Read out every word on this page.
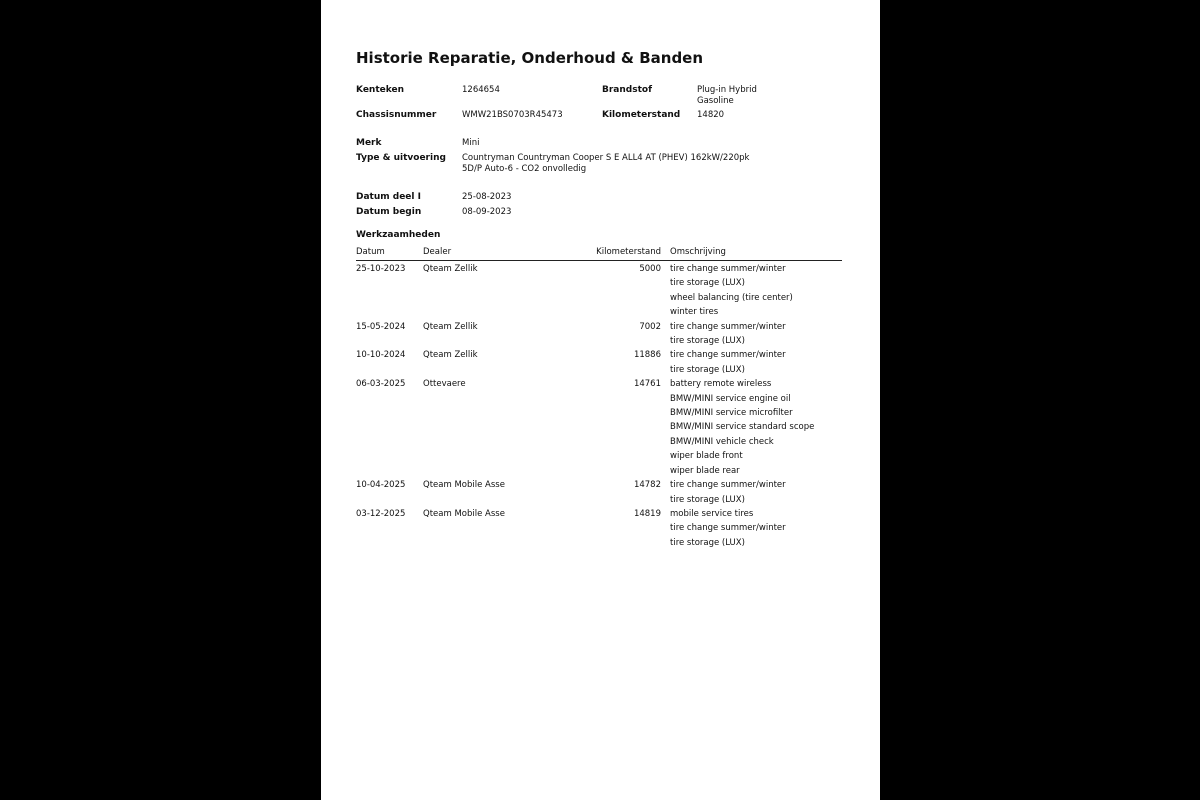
Historie Reparatie, Onderhoud & Banden
Kenteken	1264654	Brandstof	Plug-in Hybrid
Gasoline
Chassisnummer	WMW21BS0703R45473	Kilometerstand 14820
Merk	Mini
Type & uitvoering Countryman Countryman Cooper S E ALL4 AT (PHEV) 162kW/220pk
5D/P Auto-6 - CO2 onvolledig
Datum deel I	25-08-2023
Datum begin	08-09-2023
Werkzaamheden
Datum	Dealer	Kilometerstand Omschrijving
25-10-2023 Qteam Zellik	5000 tire change summer/winter
tire storage (LUX)
wheel balancing (tire center)
winter tires
15-05-2024 Qteam Zellik	7002 tire change summer/winter
tire storage (LUX)
10-10-2024 Qteam Zellik	11886 tire change summer/winter
tire storage (LUX)
06-03-2025 Ottevaere	14761 battery remote wireless
BMW/MINI service engine oil
BMW/MINI service microfilter
BMW/MINI service standard scope
BMW/MINI vehicle check
wiper blade front
wiper blade rear
10-04-2025 Qteam Mobile Asse	14782 tire change summer/winter
tire storage (LUX)
03-12-2025 Qteam Mobile Asse	14819 mobile service tires
tire change summer/winter
tire storage (LUX)
